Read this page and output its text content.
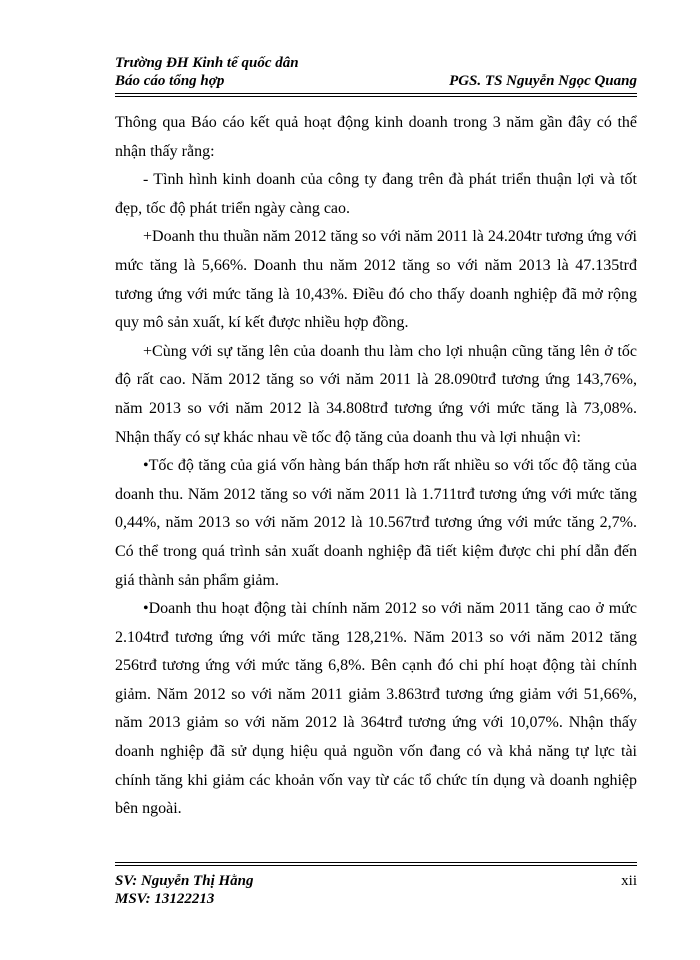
Trường ĐH Kinh tế quốc dân
Báo cáo tổng hợp	PGS. TS Nguyễn Ngọc Quang

Thông qua Báo cáo kết quả hoạt động kinh doanh trong 3 năm gần đây có thể nhận thấy rằng:

- Tình hình kinh doanh của công ty đang trên đà phát triển thuận lợi và tốt đẹp, tốc độ phát triển ngày càng cao.

+Doanh thu thuần năm 2012 tăng so với năm 2011 là 24.204tr tương ứng với mức tăng là 5,66%. Doanh thu năm 2012 tăng so với năm 2013 là 47.135trđ tương ứng với mức tăng là 10,43%. Điều đó cho thấy doanh nghiệp đã mở rộng quy mô sản xuất, kí kết được nhiều hợp đồng.

+Cùng với sự tăng lên của doanh thu làm cho lợi nhuận cũng tăng lên ở tốc độ rất cao. Năm 2012 tăng so với năm 2011 là 28.090trđ tương ứng 143,76%, năm 2013 so với năm 2012 là 34.808trđ tương ứng với mức tăng là 73,08%. Nhận thấy có sự khác nhau về tốc độ tăng của doanh thu và lợi nhuận vì:

•Tốc độ tăng của giá vốn hàng bán thấp hơn rất nhiều so với tốc độ tăng của doanh thu. Năm 2012 tăng so với năm 2011 là 1.711trđ tương ứng với mức tăng 0,44%, năm 2013 so với năm 2012 là 10.567trđ tương ứng với mức tăng 2,7%. Có thể trong quá trình sản xuất doanh nghiệp đã tiết kiệm được chi phí dẫn đến giá thành sản phẩm giảm.

•Doanh thu hoạt động tài chính năm 2012 so với năm 2011 tăng cao ở mức 2.104trđ tương ứng với mức tăng 128,21%. Năm 2013 so với năm 2012 tăng 256trđ tương ứng với mức tăng 6,8%. Bên cạnh đó chi phí hoạt động tài chính giảm. Năm 2012 so với năm 2011 giảm 3.863trđ tương ứng giảm với 51,66%, năm 2013 giảm so với năm 2012 là 364trđ tương ứng với 10,07%. Nhận thấy doanh nghiệp đã sử dụng hiệu quả nguồn vốn đang có và khả năng tự lực tài chính tăng khi giảm các khoản vốn vay từ các tổ chức tín dụng và doanh nghiệp bên ngoài.

SV: Nguyễn Thị Hằng	xii
MSV: 13122213
